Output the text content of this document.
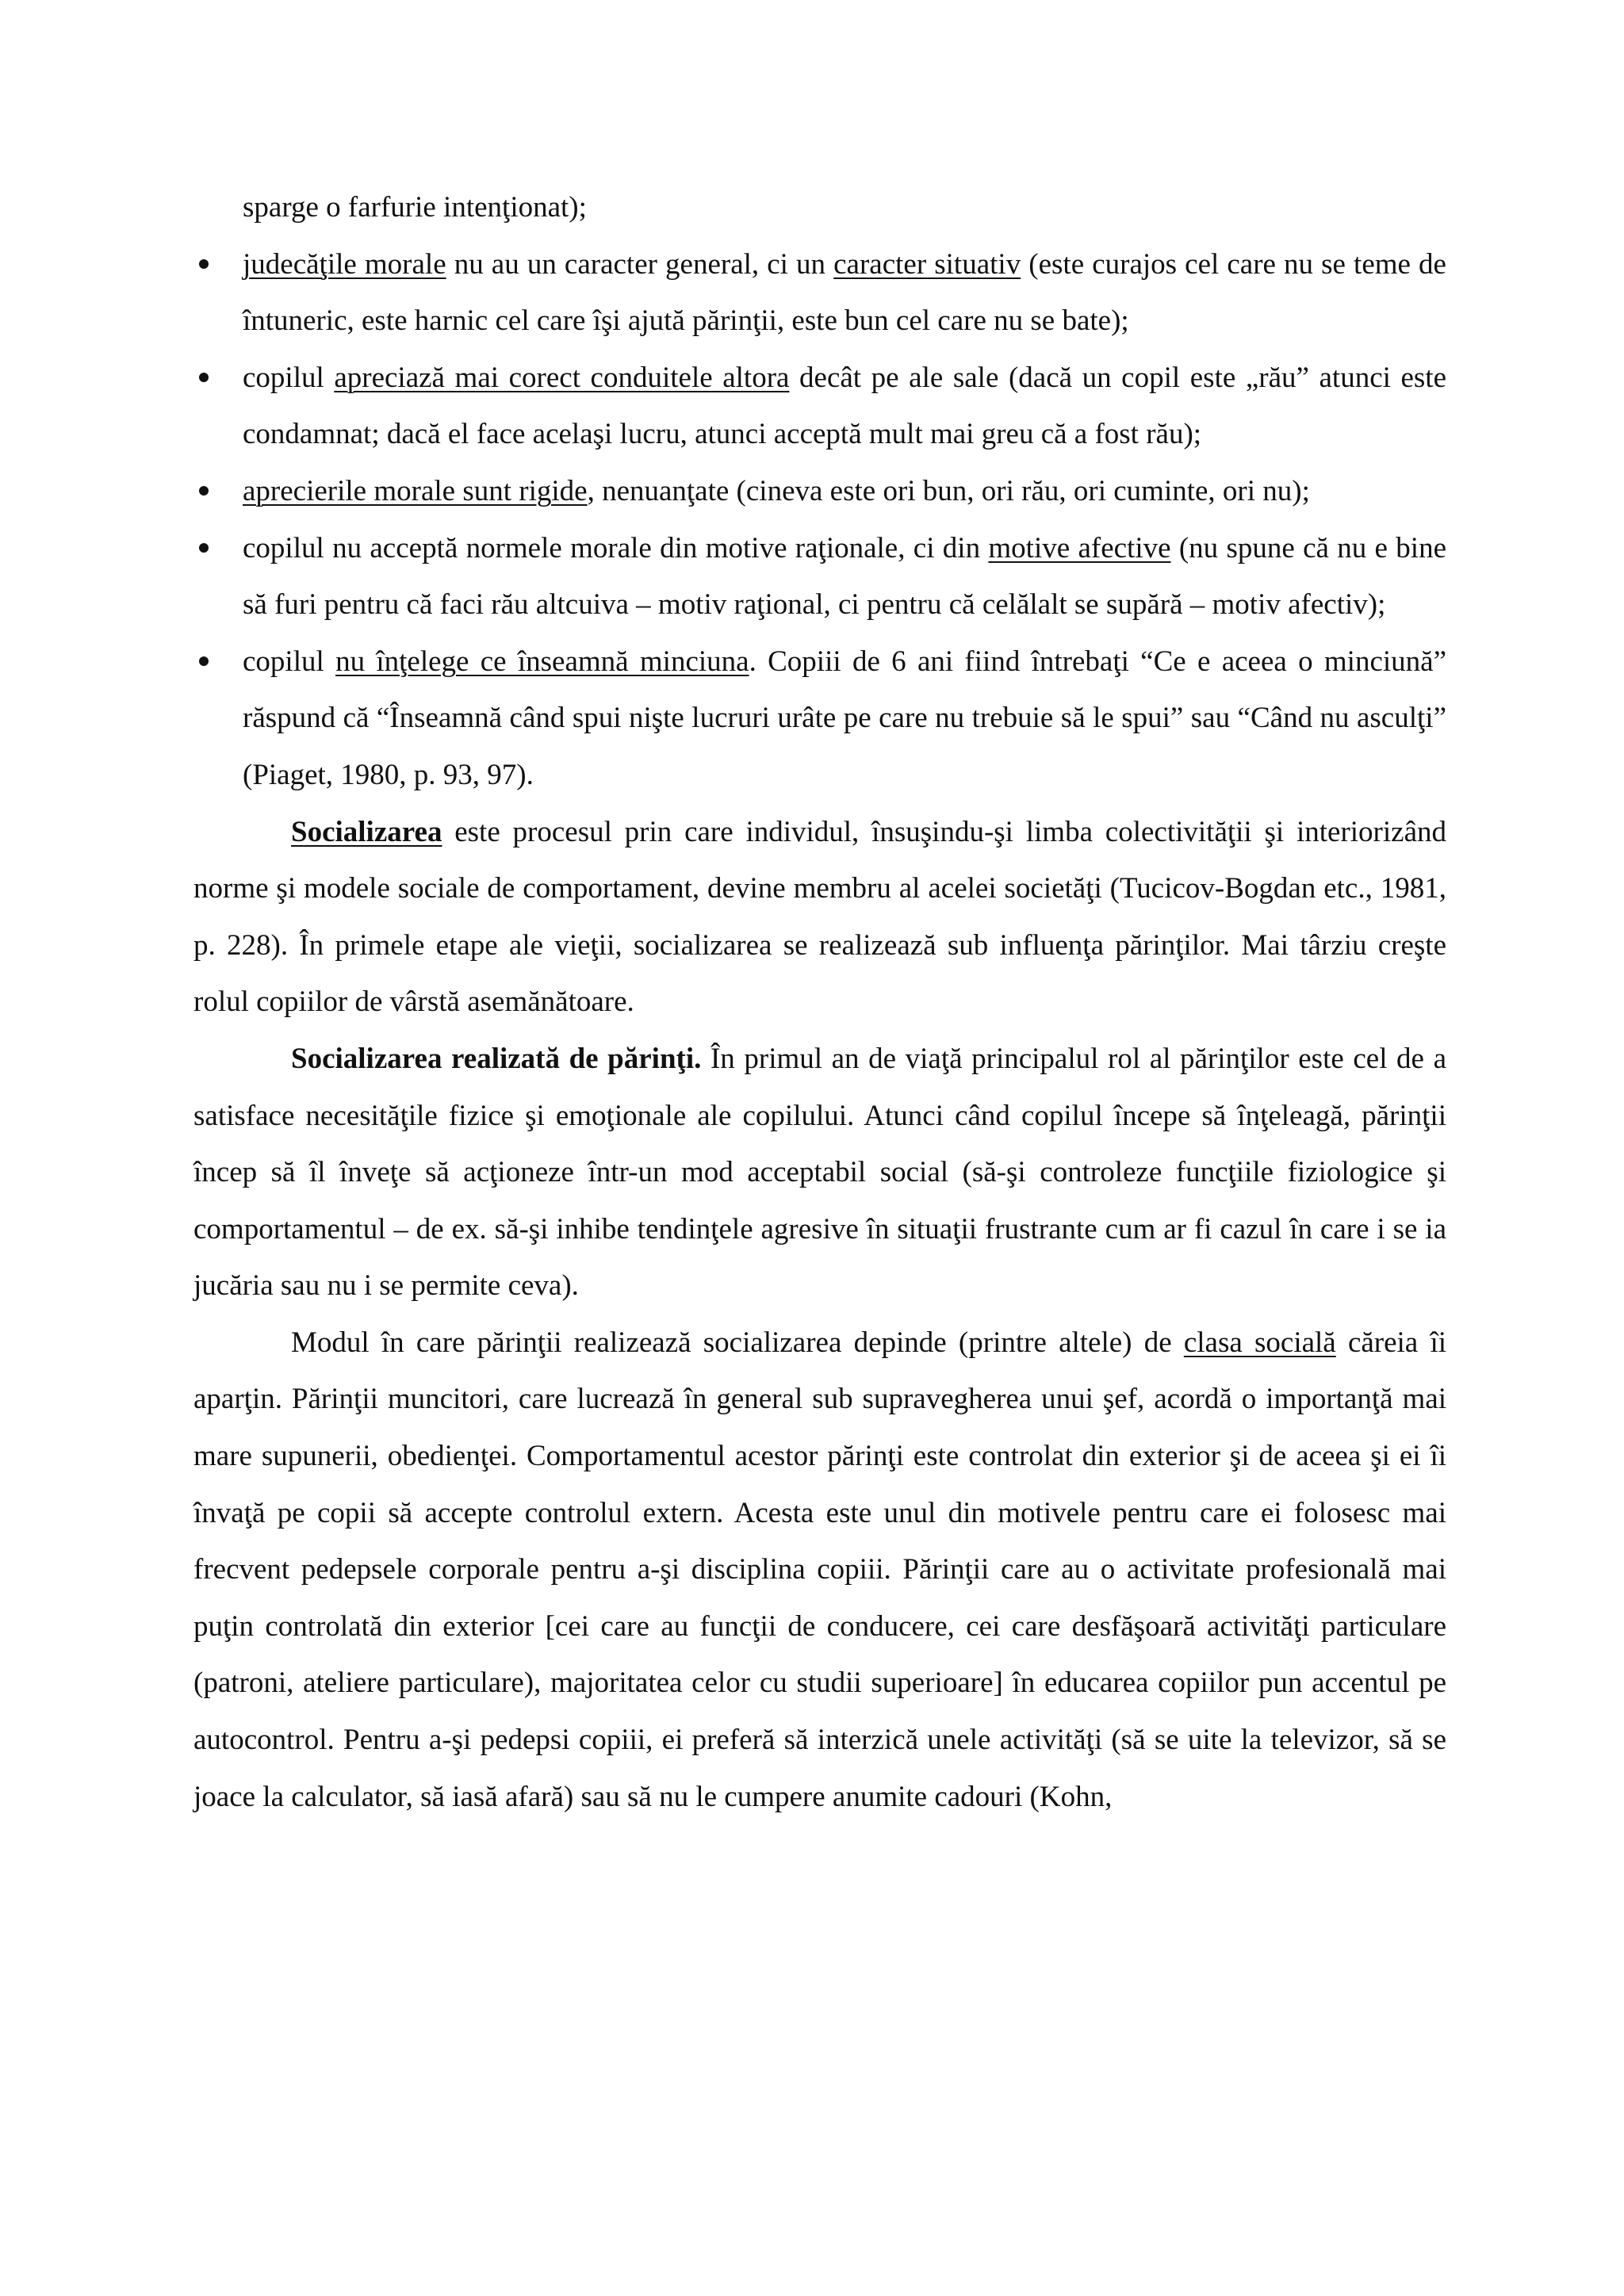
sparge o farfurie intenţionat);
judecăţile morale nu au un caracter general, ci un caracter situativ (este curajos cel care nu se teme de întuneric, este harnic cel care îşi ajută părinţii, este bun cel care nu se bate);
copilul apreciază mai corect conduitele altora decât pe ale sale (dacă un copil este „rău” atunci este condamnat; dacă el face acelaşi lucru, atunci acceptă mult mai greu că a fost rău);
aprecierile morale sunt rigide, nenuanţate (cineva este ori bun, ori rău, ori cuminte, ori nu);
copilul nu acceptă normele morale din motive raţionale, ci din motive afective (nu spune că nu e bine să furi pentru că faci rău altcuiva – motiv raţional, ci pentru că celălalt se supără – motiv afectiv);
copilul nu înţelege ce înseamnă minciuna. Copiii de 6 ani fiind întrebaţi “Ce e aceea o minciună” răspund că “Înseamnă când spui nişte lucruri urâte pe care nu trebuie să le spui” sau “Când nu asculţi” (Piaget, 1980, p. 93, 97).

Socializarea este procesul prin care individul, însuşindu-şi limba colectivităţii şi interiorizând norme şi modele sociale de comportament, devine membru al acelei societăţi (Tucicov-Bogdan etc., 1981, p. 228). În primele etape ale vieţii, socializarea se realizează sub influenţa părinţilor. Mai târziu creşte rolul copiilor de vârstă asemănătoare.

Socializarea realizată de părinţi. În primul an de viaţă principalul rol al părinţilor este cel de a satisface necesităţile fizice şi emoţionale ale copilului. Atunci când copilul începe să înţeleagă, părinţii încep să îl înveţe să acţioneze într-un mod acceptabil social (să-şi controleze funcţiile fiziologice şi comportamentul – de ex. să-şi inhibe tendinţele agresive în situaţii frustrante cum ar fi cazul în care i se ia jucăria sau nu i se permite ceva).

Modul în care părinţii realizează socializarea depinde (printre altele) de clasa socială căreia îi aparţin. Părinţii muncitori, care lucrează în general sub supravegherea unui şef, acordă o importanţă mai mare supunerii, obedienţei. Comportamentul acestor părinţi este controlat din exterior şi de aceea şi ei îi învaţă pe copii să accepte controlul extern. Acesta este unul din motivele pentru care ei folosesc mai frecvent pedepsele corporale pentru a-şi disciplina copiii. Părinţii care au o activitate profesională mai puţin controlată din exterior [cei care au funcţii de conducere, cei care desfăşoară activităţi particulare (patroni, ateliere particulare), majoritatea celor cu studii superioare] în educarea copiilor pun accentul pe autocontrol. Pentru a-şi pedepsi copiii, ei preferă să interzică unele activităţi (să se uite la televizor, să se joace la calculator, să iasă afară) sau să nu le cumpere anumite cadouri (Kohn,
